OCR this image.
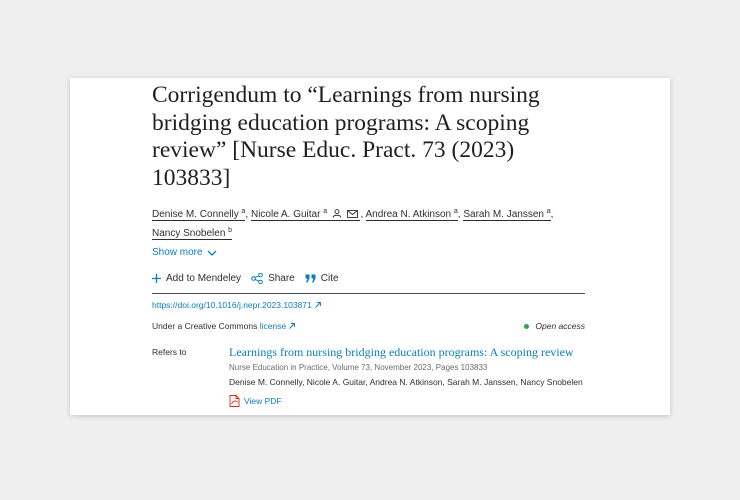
Corrigendum to “Learnings from nursing bridging education programs: A scoping review” [Nurse Educ. Pract. 73 (2023) 103833]
Denise M. Connelly $^a$, Nicole A. Guitar $^a$	, Andrea N. Atkinson $^a$, Sarah M. Janssen $^a$,
Nancy Snobelen $^b$
Show more
Add to Mendeley	Share	Cite
https://doi.org/10.1016/j.nepr.2023.103871
Under a Creative Commons license	Open access
Refers to	Learnings from nursing bridging education programs: A scoping review
Nurse Education in Practice, Volume 73, November 2023, Pages 103833
Denise M. Connelly, Nicole A. Guitar, Andrea N. Atkinson, Sarah M. Janssen, Nancy Snobelen
View PDF
